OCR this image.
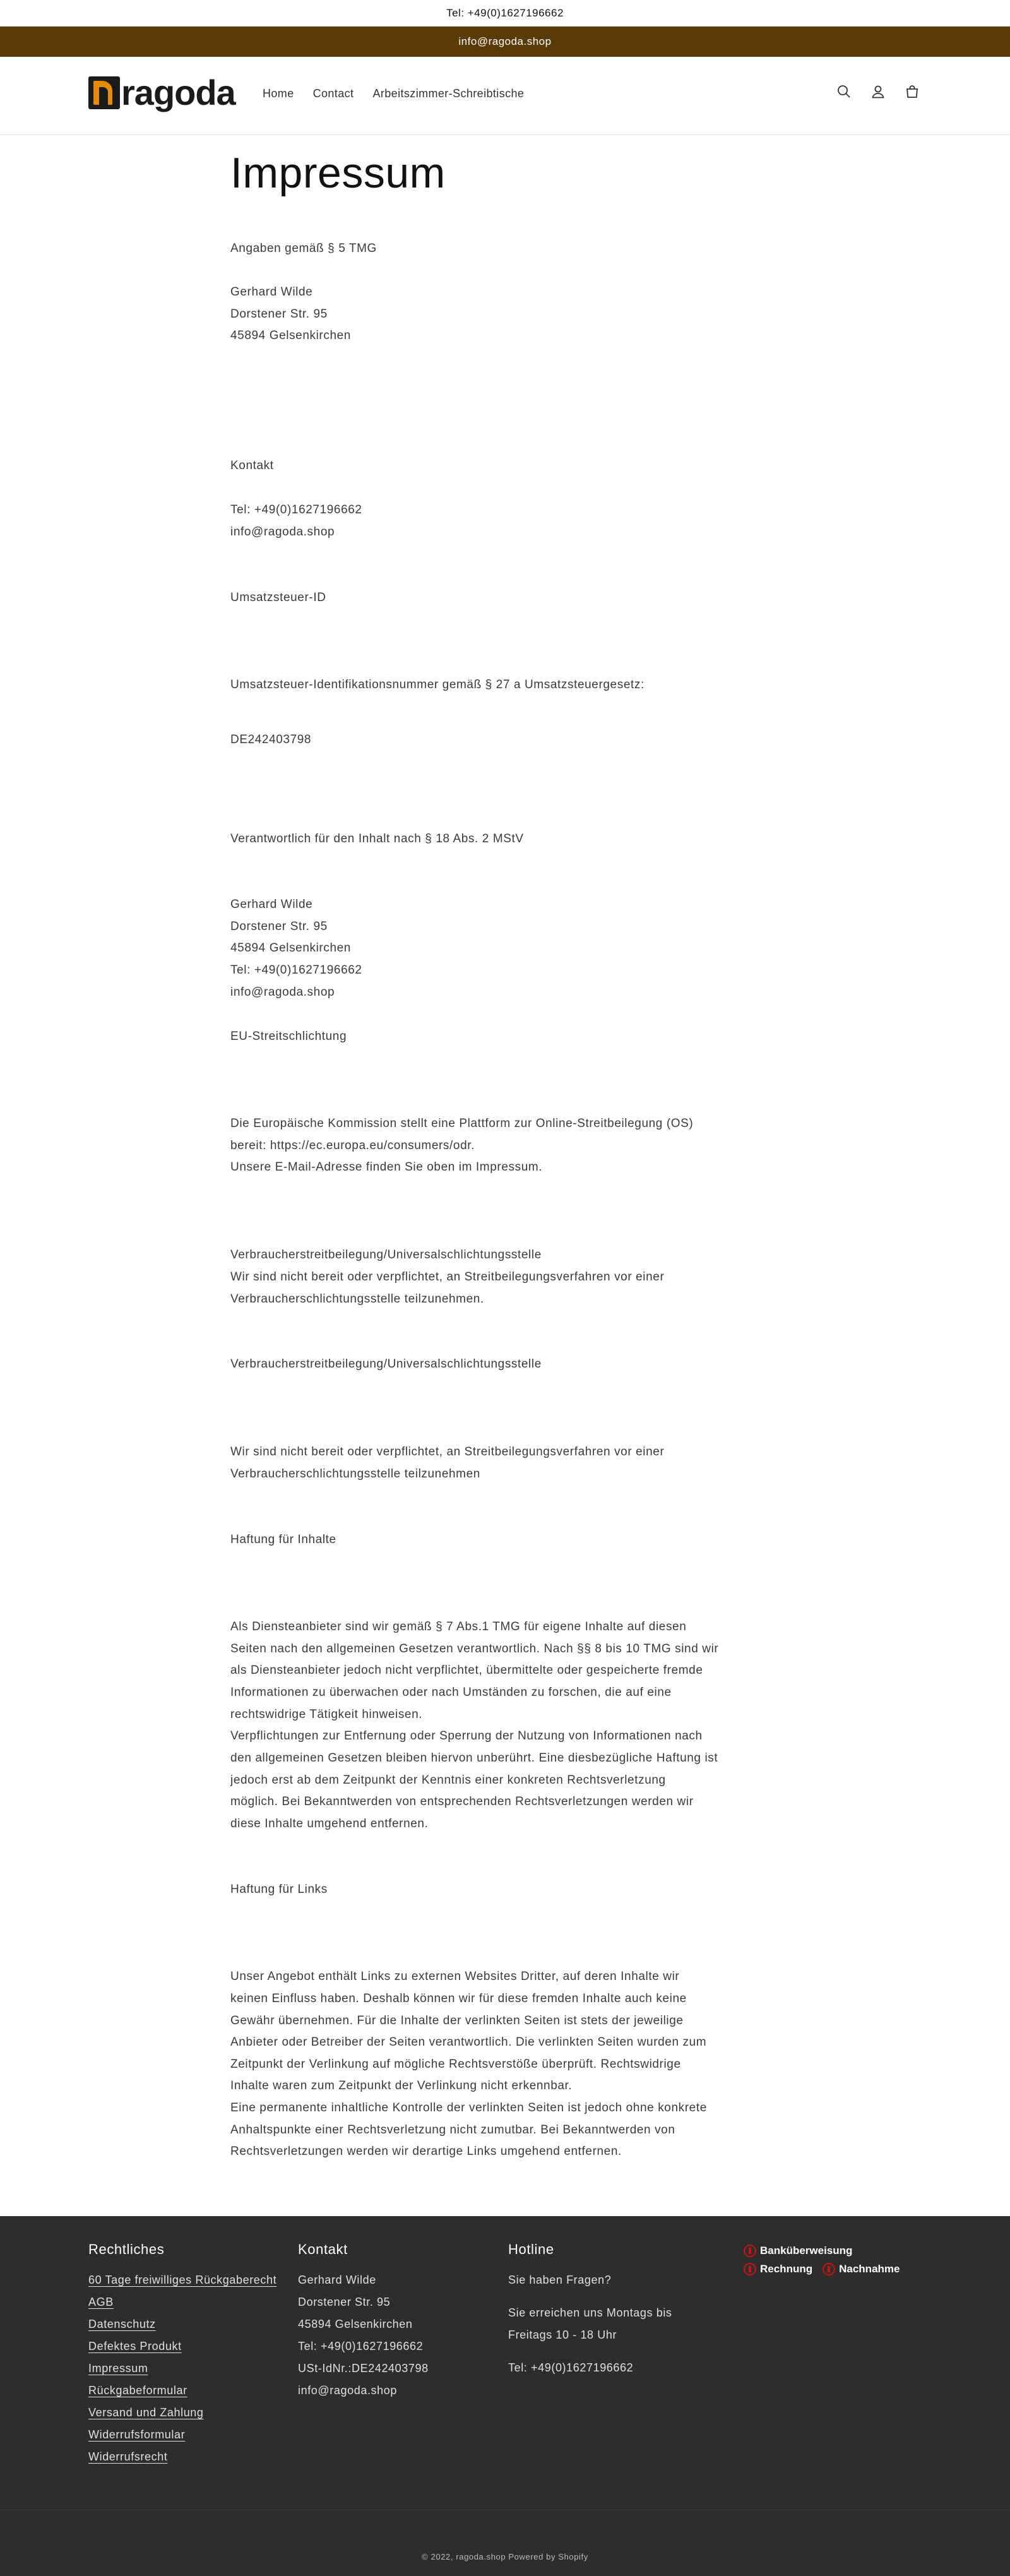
Tel: +49(0)1627196662
info@ragoda.shop
ragoda Home Contact Arbeitszimmer-Schreibtische
Impressum
Angaben gemäß § 5 TMG
Gerhard Wilde
Dorstener Str. 95
45894 Gelsenkirchen
Kontakt
Tel: +49(0)1627196662
info@ragoda.shop
Umsatzsteuer-ID
Umsatzsteuer-Identifikationsnummer gemäß § 27 a Umsatzsteuergesetz:
DE242403798
Verantwortlich für den Inhalt nach § 18 Abs. 2 MStV
Gerhard Wilde
Dorstener Str. 95
45894 Gelsenkirchen
Tel: +49(0)1627196662
info@ragoda.shop
EU-Streitschlichtung
Die Europäische Kommission stellt eine Plattform zur Online-Streitbeilegung (OS)
bereit: https://ec.europa.eu/consumers/odr.
Unsere E-Mail-Adresse finden Sie oben im Impressum.
Verbraucherstreitbeilegung/Universalschlichtungsstelle
Wir sind nicht bereit oder verpflichtet, an Streitbeilegungsverfahren vor einer
Verbraucherschlichtungsstelle teilzunehmen.
Verbraucherstreitbeilegung/Universalschlichtungsstelle
Wir sind nicht bereit oder verpflichtet, an Streitbeilegungsverfahren vor einer
Verbraucherschlichtungsstelle teilzunehmen
Haftung für Inhalte
Als Diensteanbieter sind wir gemäß § 7 Abs.1 TMG für eigene Inhalte auf diesen
Seiten nach den allgemeinen Gesetzen verantwortlich. Nach §§ 8 bis 10 TMG sind wir
als Diensteanbieter jedoch nicht verpflichtet, übermittelte oder gespeicherte fremde
Informationen zu überwachen oder nach Umständen zu forschen, die auf eine
rechtswidrige Tätigkeit hinweisen.
Verpflichtungen zur Entfernung oder Sperrung der Nutzung von Informationen nach
den allgemeinen Gesetzen bleiben hiervon unberührt. Eine diesbezügliche Haftung ist
jedoch erst ab dem Zeitpunkt der Kenntnis einer konkreten Rechtsverletzung
möglich. Bei Bekanntwerden von entsprechenden Rechtsverletzungen werden wir
diese Inhalte umgehend entfernen.
Haftung für Links
Unser Angebot enthält Links zu externen Websites Dritter, auf deren Inhalte wir
keinen Einfluss haben. Deshalb können wir für diese fremden Inhalte auch keine
Gewähr übernehmen. Für die Inhalte der verlinkten Seiten ist stets der jeweilige
Anbieter oder Betreiber der Seiten verantwortlich. Die verlinkten Seiten wurden zum
Zeitpunkt der Verlinkung auf mögliche Rechtsverstöße überprüft. Rechtswidrige
Inhalte waren zum Zeitpunkt der Verlinkung nicht erkennbar.
Eine permanente inhaltliche Kontrolle der verlinkten Seiten ist jedoch ohne konkrete
Anhaltspunkte einer Rechtsverletzung nicht zumutbar. Bei Bekanntwerden von
Rechtsverletzungen werden wir derartige Links umgehend entfernen.
Rechtliches
60 Tage freiwilliges Rückgaberecht
AGB
Datenschutz
Defektes Produkt
Impressum
Rückgabeformular
Versand und Zahlung
Widerrufsformular
Widerrufsrecht
Kontakt
Gerhard Wilde
Dorstener Str. 95
45894 Gelsenkirchen
Tel: +49(0)1627196662
USt-IdNr.:DE242403798
info@ragoda.shop
Hotline
Sie haben Fragen?
Sie erreichen uns Montags bis
Freitags 10 - 18 Uhr
Tel: +49(0)1627196662
Banküberweisung
Rechnung Nachnahme
© 2022, ragoda.shop Powered by Shopify
